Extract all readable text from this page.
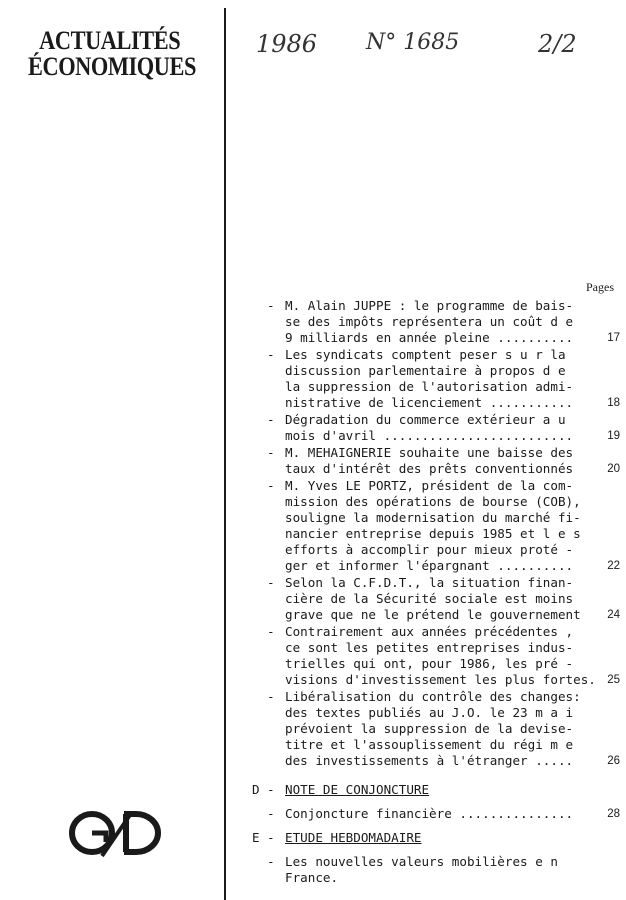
ACTUALITÉS
ÉCONOMIQUES
1986 N° 1685	2/2
Pages
- M. Alain JUPPE : le programme de bais-
se des impôts représentera un coût d e
9 milliards en année pleine ..........	17
- Les syndicats comptent peser s u r la
discussion parlementaire à propos d e
la suppression de l'autorisation admi-
nistrative de licenciement ...........	18
- Dégradation du commerce extérieur a u
mois d'avril .........................	19
- M. MEHAIGNERIE souhaite une baisse des
taux d'intérêt des prêts conventionnés	20
- M. Yves LE PORTZ, président de la com-
mission des opérations de bourse (COB),
souligne la modernisation du marché fi-
nancier entreprise depuis 1985 et l e s
efforts à accomplir pour mieux proté -
ger et informer l'épargnant ..........	22
- Selon la C.F.D.T., la situation finan-
cière de la Sécurité sociale est moins
grave que ne le prétend le gouvernement	24
- Contrairement aux années précédentes ,
ce sont les petites entreprises indus-
trielles qui ont, pour 1986, les pré -
visions d'investissement les plus fortes. 25
- Libéralisation du contrôle des changes:
des textes publiés au J.O. le 23 m a i
prévoient la suppression de la devise-
titre et l'assouplissement du régi m e
des investissements à l'étranger .....	26
D - NOTE DE CONJONCTURE
- Conjoncture financière ...............	28
E - ETUDE HEBDOMADAIRE
- Les nouvelles valeurs mobilières e n
France.
